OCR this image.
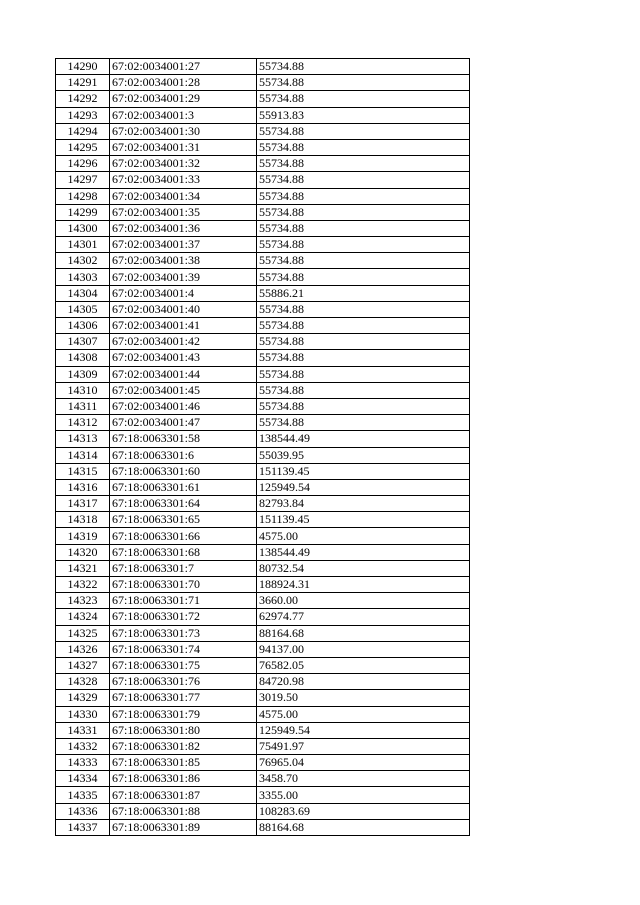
14290	67:02:0034001:27	55734.88
14291	67:02:0034001:28	55734.88
14292	67:02:0034001:29	55734.88
14293	67:02:0034001:3	55913.83
14294	67:02:0034001:30	55734.88
14295	67:02:0034001:31	55734.88
14296	67:02:0034001:32	55734.88
14297	67:02:0034001:33	55734.88
14298	67:02:0034001:34	55734.88
14299	67:02:0034001:35	55734.88
14300	67:02:0034001:36	55734.88
14301	67:02:0034001:37	55734.88
14302	67:02:0034001:38	55734.88
14303	67:02:0034001:39	55734.88
14304	67:02:0034001:4	55886.21
14305	67:02:0034001:40	55734.88
14306	67:02:0034001:41	55734.88
14307	67:02:0034001:42	55734.88
14308	67:02:0034001:43	55734.88
14309	67:02:0034001:44	55734.88
14310	67:02:0034001:45	55734.88
14311	67:02:0034001:46	55734.88
14312	67:02:0034001:47	55734.88
14313	67:18:0063301:58	138544.49
14314	67:18:0063301:6	55039.95
14315	67:18:0063301:60	151139.45
14316	67:18:0063301:61	125949.54
14317	67:18:0063301:64	82793.84
14318	67:18:0063301:65	151139.45
14319	67:18:0063301:66	4575.00
14320	67:18:0063301:68	138544.49
14321	67:18:0063301:7	80732.54
14322	67:18:0063301:70	188924.31
14323	67:18:0063301:71	3660.00
14324	67:18:0063301:72	62974.77
14325	67:18:0063301:73	88164.68
14326	67:18:0063301:74	94137.00
14327	67:18:0063301:75	76582.05
14328	67:18:0063301:76	84720.98
14329	67:18:0063301:77	3019.50
14330	67:18:0063301:79	4575.00
14331	67:18:0063301:80	125949.54
14332	67:18:0063301:82	75491.97
14333	67:18:0063301:85	76965.04
14334	67:18:0063301:86	3458.70
14335	67:18:0063301:87	3355.00
14336	67:18:0063301:88	108283.69
14337	67:18:0063301:89	88164.68
